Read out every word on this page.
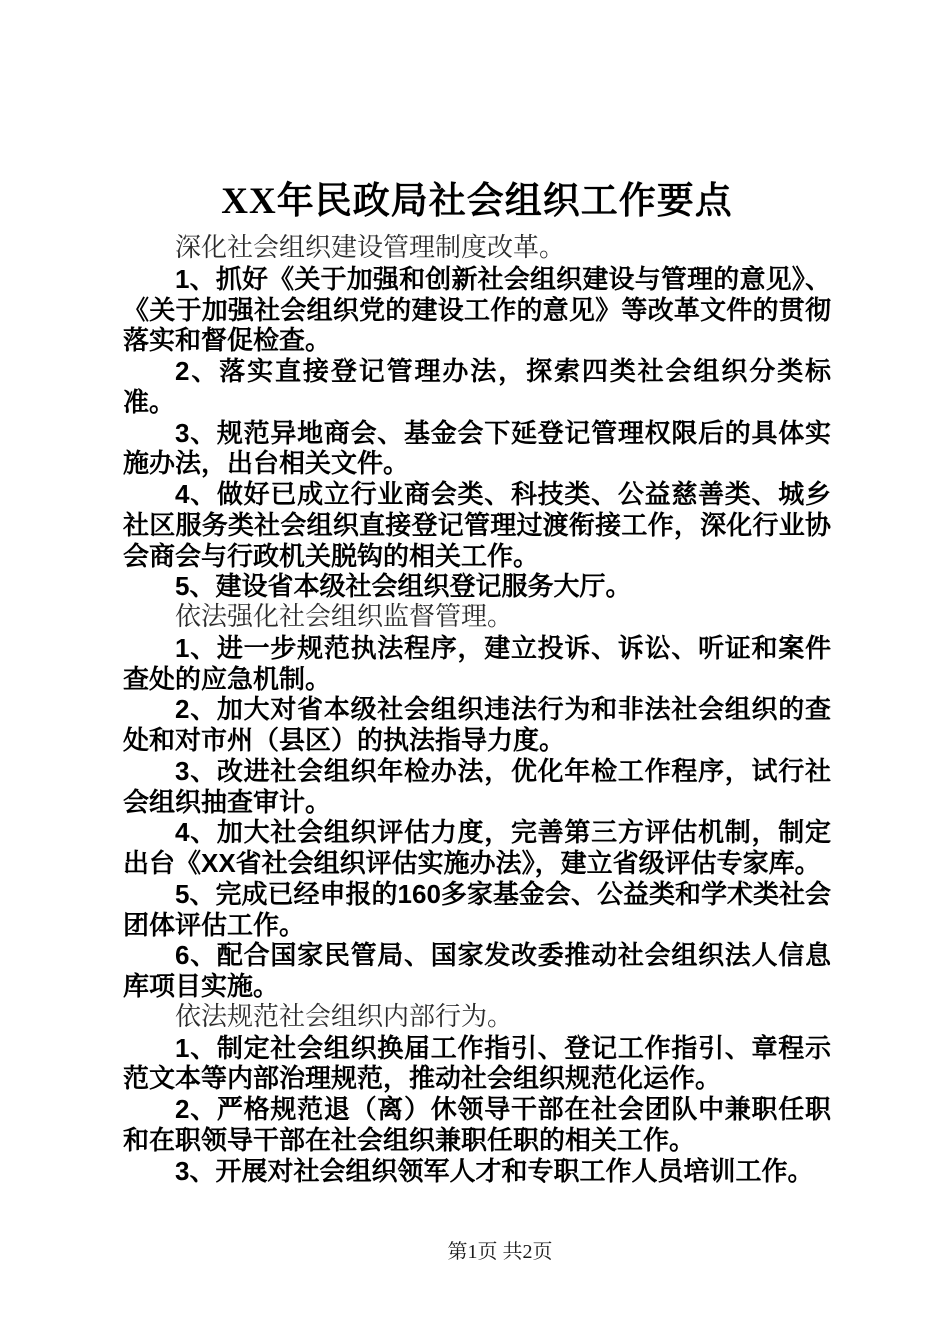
XX年民政局社会组织工作要点

深化社会组织建设管理制度改革。

1、抓好《关于加强和创新社会组织建设与管理的意见》、《关于加强社会组织党的建设工作的意见》等改革文件的贯彻落实和督促检查。

2、落实直接登记管理办法，探索四类社会组织分类标准。

3、规范异地商会、基金会下延登记管理权限后的具体实施办法，出台相关文件。

4、做好已成立行业商会类、科技类、公益慈善类、城乡社区服务类社会组织直接登记管理过渡衔接工作，深化行业协会商会与行政机关脱钩的相关工作。

5、建设省本级社会组织登记服务大厅。

依法强化社会组织监督管理。

1、进一步规范执法程序，建立投诉、诉讼、听证和案件查处的应急机制。

2、加大对省本级社会组织违法行为和非法社会组织的查处和对市州（县区）的执法指导力度。

3、改进社会组织年检办法，优化年检工作程序，试行社会组织抽查审计。

4、加大社会组织评估力度，完善第三方评估机制，制定出台《XX省社会组织评估实施办法》，建立省级评估专家库。

5、完成已经申报的160多家基金会、公益类和学术类社会团体评估工作。

6、配合国家民管局、国家发改委推动社会组织法人信息库项目实施。

依法规范社会组织内部行为。

1、制定社会组织换届工作指引、登记工作指引、章程示范文本等内部治理规范，推动社会组织规范化运作。

2、严格规范退（离）休领导干部在社会团队中兼职任职和在职领导干部在社会组织兼职任职的相关工作。

3、开展对社会组织领军人才和专职工作人员培训工作。

第1页 共2页
